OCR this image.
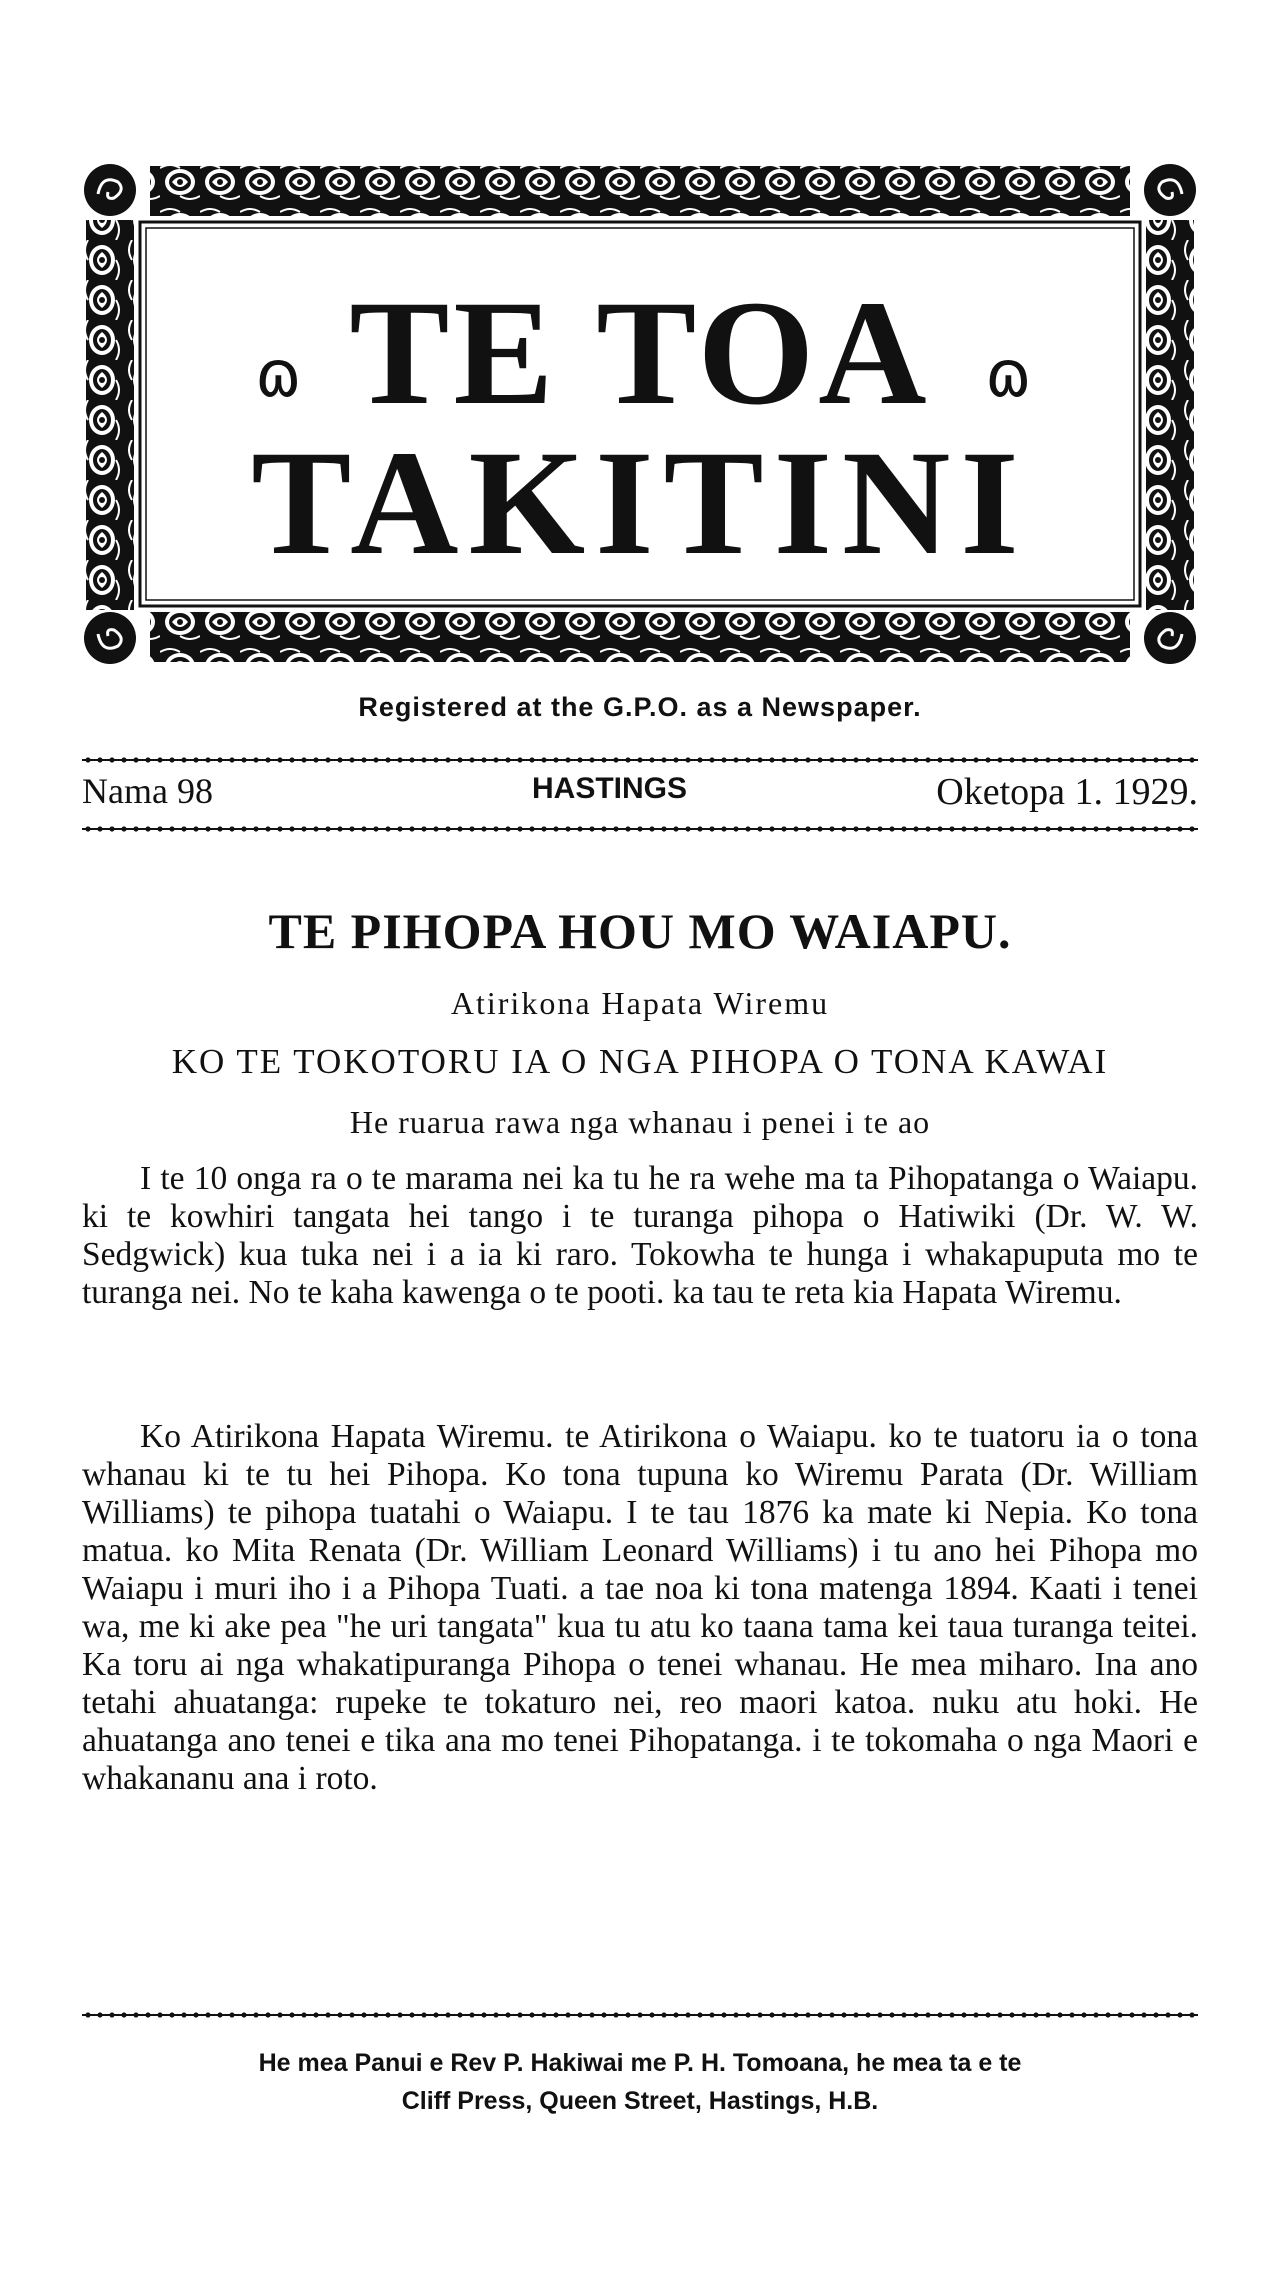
ɷ	ɷ
TE TOA
TAKITINI
Registered at the G.P.O. as a Newspaper.
Nama 98	HASTINGS	Oketopa 1. 1929.
TE PIHOPA HOU MO WAIAPU.
Atirikona Hapata Wiremu
KO TE TOKOTORU IA O NGA PIHOPA O TONA KAWAI
He ruarua rawa nga whanau i penei i te ao

I te 10 onga ra o te marama nei ka tu he ra wehe ma ta Pihopatanga o Waiapu. ki te kowhiri tangata hei tango i te turanga pihopa o Hatiwiki (Dr. W. W. Sedgwick) kua tuka nei i a ia ki raro. Tokowha te hunga i whakapuputa mo te turanga nei. No te kaha kawenga o te pooti. ka tau te reta kia Hapata Wiremu.

Ko Atirikona Hapata Wiremu. te Atirikona o Waiapu. ko te tuatoru ia o tona whanau ki te tu hei Pihopa. Ko tona tupuna ko Wiremu Parata (Dr. William Williams) te pihopa tuatahi o Waiapu. I te tau 1876 ka mate ki Nepia. Ko tona matua. ko Mita Renata (Dr. William Leonard Williams) i tu ano hei Pihopa mo Waiapu i muri iho i a Pihopa Tuati. a tae noa ki tona matenga 1894. Kaati i tenei wa, me ki ake pea "he uri tangata" kua tu atu ko taana tama kei taua turanga teitei. Ka toru ai nga whakatipuranga Pihopa o tenei whanau. He mea miharo. Ina ano tetahi ahuatanga: rupeke te tokaturo nei, reo maori katoa. nuku atu hoki. He ahuatanga ano tenei e tika ana mo tenei Pihopatanga. i te tokomaha o nga Maori e whakananu ana i roto.

He mea Panui e Rev P. Hakiwai me P. H. Tomoana, he mea ta e te
Cliff Press, Queen Street, Hastings, H.B.
